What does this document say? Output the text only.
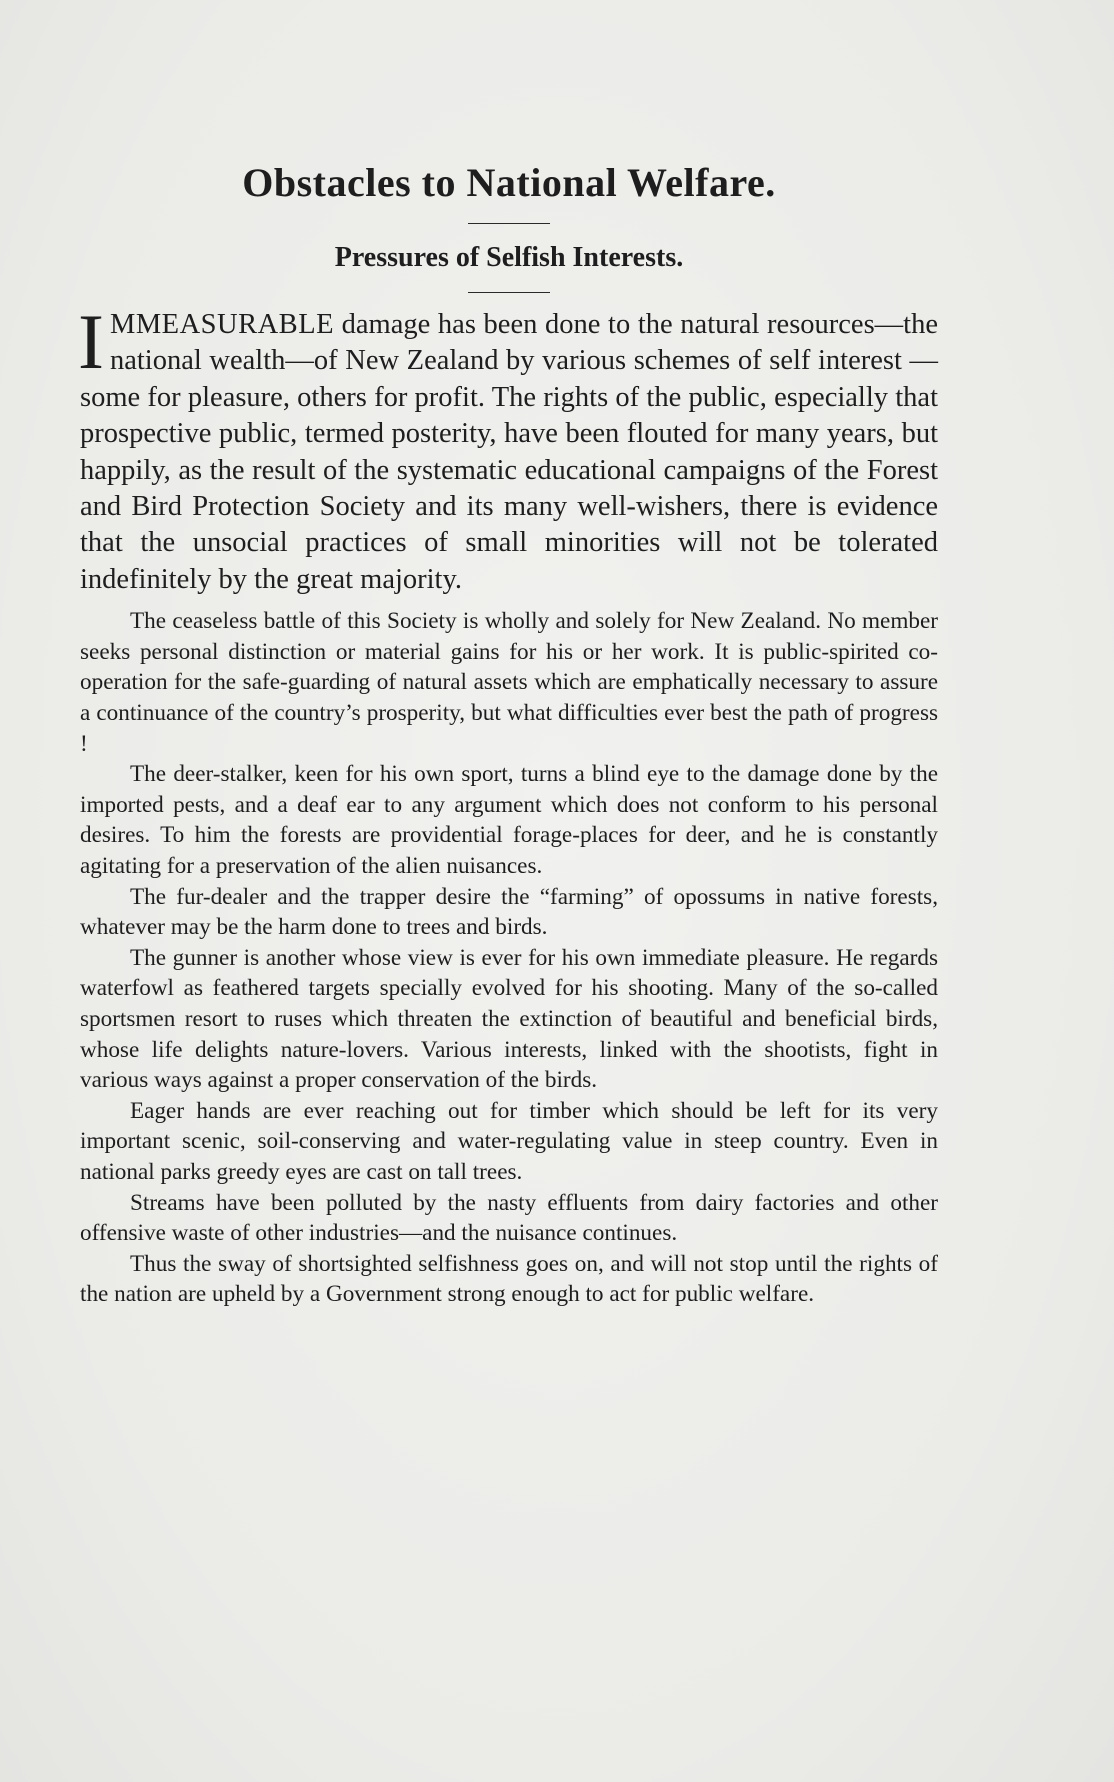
Obstacles to National Welfare.
Pressures of Selfish Interests.

IMMEASURABLE damage has been done to the natural resources—the national wealth—of New Zealand by various schemes of self interest — some for pleasure, others for profit. The rights of the public, especially that prospective public, termed posterity, have been flouted for many years, but happily, as the result of the systematic educational campaigns of the Forest and Bird Protection Society and its many well-wishers, there is evidence that the unsocial practices of small minorities will not be tolerated indefinitely by the great majority.

The ceaseless battle of this Society is wholly and solely for New Zealand. No member seeks personal distinction or material gains for his or her work. It is public-spirited co-operation for the safe-guarding of natural assets which are emphatically necessary to assure a continuance of the country’s prosperity, but what difficulties ever best the path of progress !

The deer-stalker, keen for his own sport, turns a blind eye to the damage done by the imported pests, and a deaf ear to any argument which does not conform to his personal desires. To him the forests are providential forage-places for deer, and he is constantly agitating for a preservation of the alien nuisances.

The fur-dealer and the trapper desire the “farming” of opossums in native forests, whatever may be the harm done to trees and birds.

The gunner is another whose view is ever for his own immediate pleasure. He regards waterfowl as feathered targets specially evolved for his shooting. Many of the so-called sportsmen resort to ruses which threaten the extinction of beautiful and beneficial birds, whose life delights nature-lovers. Various interests, linked with the shootists, fight in various ways against a proper conservation of the birds.

Eager hands are ever reaching out for timber which should be left for its very important scenic, soil-conserving and water-regulating value in steep country. Even in national parks greedy eyes are cast on tall trees.

Streams have been polluted by the nasty effluents from dairy factories and other offensive waste of other industries—and the nuisance continues.

Thus the sway of shortsighted selfishness goes on, and will not stop until the rights of the nation are upheld by a Government strong enough to act for public welfare.
